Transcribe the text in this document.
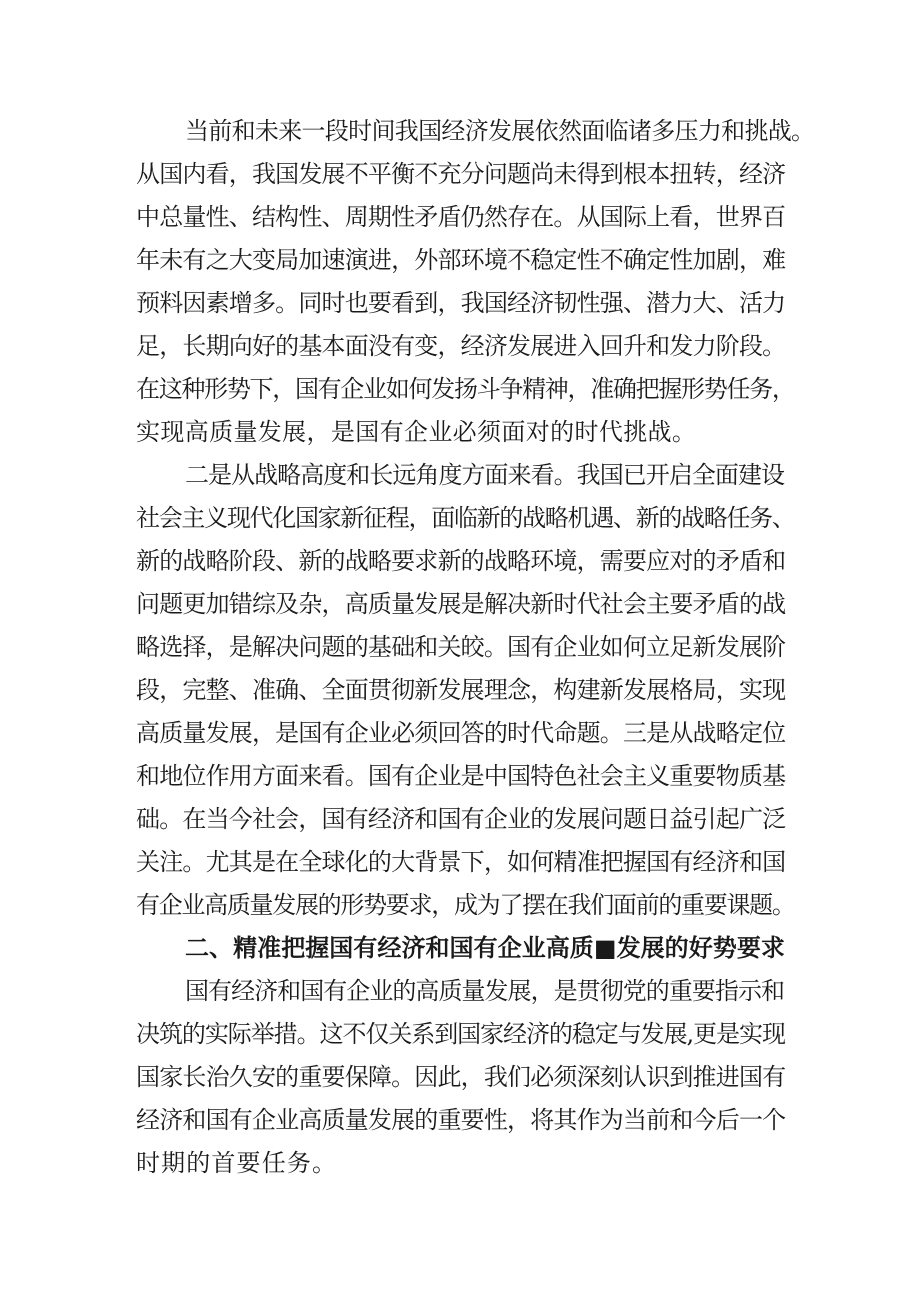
当前和未来一段时间我国经济发展依然面临诸多压力和挑战。
从国内看，我国发展不平衡不充分问题尚未得到根本扭转，经济
中总量性、结构性、周期性矛盾仍然存在。从国际上看，世界百
年未有之大变局加速演进，外部环境不稳定性不确定性加剧，难
预料因素增多。同时也要看到，我国经济韧性强、潜力大、活力
足，长期向好的基本面没有变，经济发展进入回升和发力阶段。
在这种形势下，国有企业如何发扬斗争精神，准确把握形势任务，
实现高质量发展，是国有企业必须面对的时代挑战。
二是从战略高度和长远角度方面来看。我国已开启全面建设
社会主义现代化国家新征程，面临新的战略机遇、新的战略任务、
新的战略阶段、新的战略要求新的战略环境，需要应对的矛盾和
问题更加错综及杂，高质量发展是解决新时代社会主要矛盾的战
略选择，是解决问题的基础和关皎。国有企业如何立足新发展阶
段，完整、准确、全面贯彻新发展理念，构建新发展格局，实现
高质量发展，是国有企业必须回答的时代命题。三是从战略定位
和地位作用方面来看。国有企业是中国特色社会主义重要物质基
础。在当今社会，国有经济和国有企业的发展问题日益引起广泛
关注。尤其是在全球化的大背景下，如何精准把握国有经济和国
有企业高质量发展的形势要求，成为了摆在我们面前的重要课题。
二、精准把握国有经济和国有企业高质■发展的好势要求
国有经济和国有企业的高质量发展，是贯彻党的重要指示和
决筑的实际举措。这不仅关系到国家经济的稳定与发展,更是实现
国家长治久安的重要保障。因此，我们必须深刻认识到推进国有
经济和国有企业高质量发展的重要性，将其作为当前和今后一个
时期的首要任务。
